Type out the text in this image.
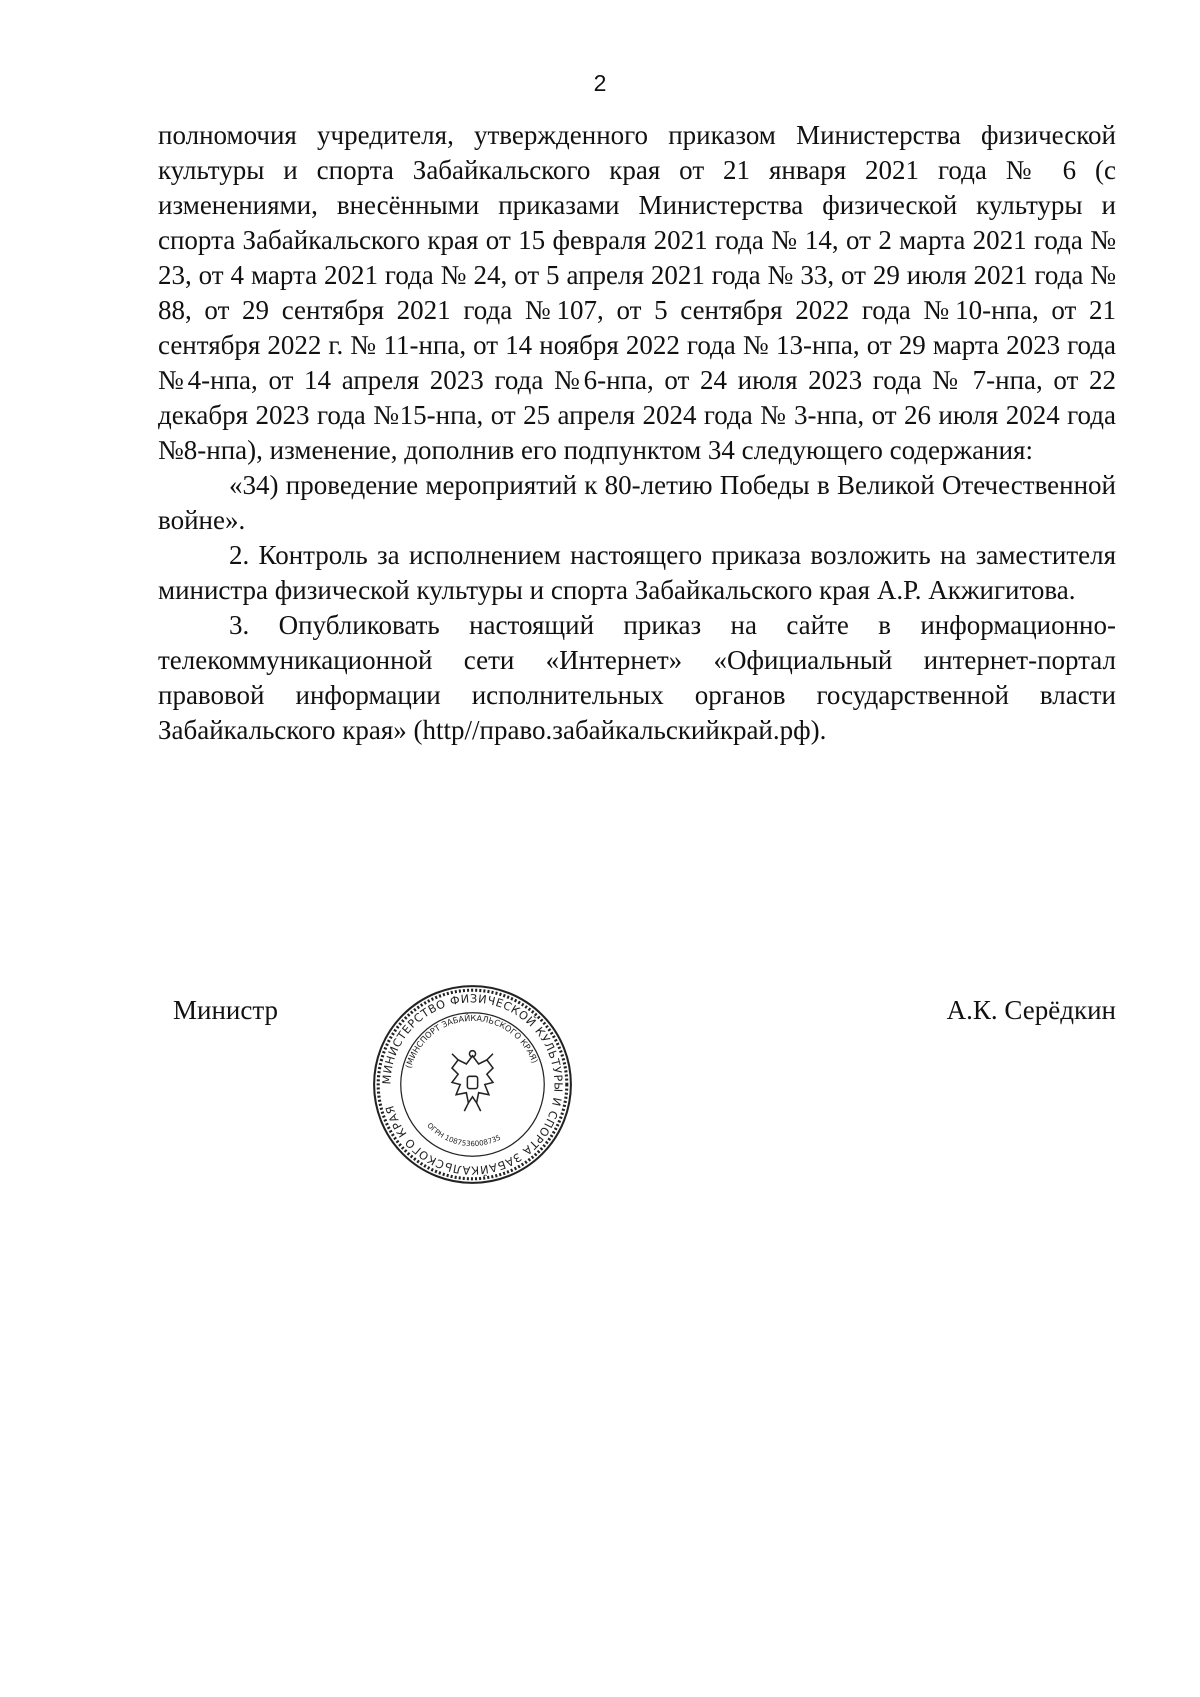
2

полномочия учредителя, утвержденного приказом Министерства физической культуры и спорта Забайкальского края от 21 января 2021 года № 6 (с изменениями, внесёнными приказами Министерства физической культуры и спорта Забайкальского края от 15 февраля 2021 года № 14, от 2 марта 2021 года № 23, от 4 марта 2021 года № 24, от 5 апреля 2021 года № 33, от 29 июля 2021 года № 88, от 29 сентября 2021 года №107, от 5 сентября 2022 года №10-нпа, от 21 сентября 2022 г. № 11-нпа, от 14 ноября 2022 года № 13-нпа, от 29 марта 2023 года №4-нпа, от 14 апреля 2023 года №6-нпа, от 24 июля 2023 года № 7-нпа, от 22 декабря 2023 года №15-нпа, от 25 апреля 2024 года № 3-нпа, от 26 июля 2024 года №8-нпа), изменение, дополнив его подпунктом 34 следующего содержания:

«34) проведение мероприятий к 80-летию Победы в Великой Отечественной войне».

2. Контроль за исполнением настоящего приказа возложить на заместителя министра физической культуры и спорта Забайкальского края А.Р. Акжигитова.

3. Опубликовать настоящий приказ на сайте в информационно-телекоммуникационной сети «Интернет» «Официальный интернет-портал правовой информации исполнительных органов государственной власти Забайкальского края» (http//право.забайкальскийкрай.рф).

Министр
МИНИСТЕРСТВО ФИЗИЧЕСКОЙ КУЛЬТУРЫ И СПОРТА ЗАБАЙКАЛЬСКОГО КРАЯ
(МИНСПОРТ ЗАБАЙКАЛЬСКОГО КРАЯ)
ОГРН 1087536008735
А.К. Серёдкин
